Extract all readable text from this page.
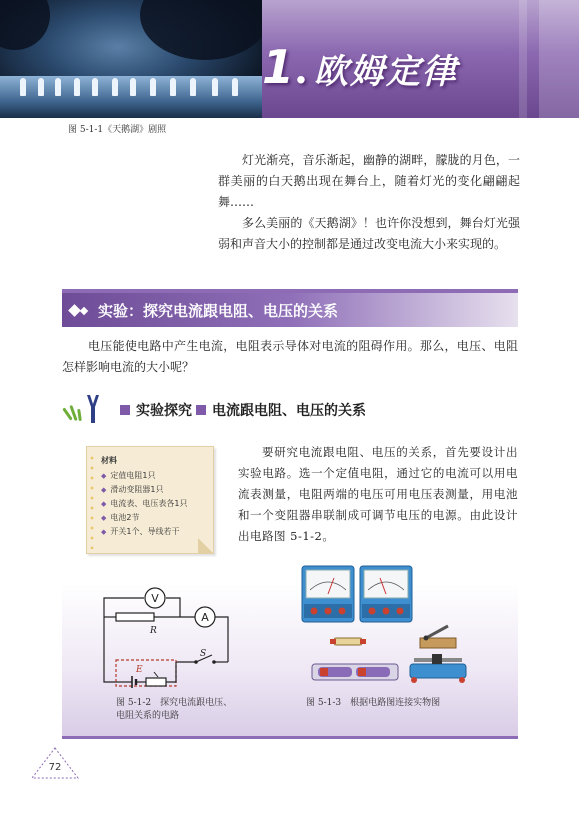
1 . 欧姆定律
图 5-1-1《天鹅湖》剧照

灯光渐亮，音乐渐起，幽静的湖畔，朦胧的月色，一群美丽的白天鹅出现在舞台上，随着灯光的变化翩翩起舞……

多么美丽的《天鹅湖》！也许你没想到，舞台灯光强弱和声音大小的控制都是通过改变电流大小来实现的。

实验：探究电流跟电阻、电压的关系
电压能使电路中产生电流，电阻表示导体对电流的阻碍作用。那么，电压、电阻怎样影响电流的大小呢？
实验探究 电流跟电阻、电压的关系
材料
◆ 定值电阻1只
◆ 滑动变阻器1只
◆ 电流表、电压表各1只
◆ 电池2节
◆ 开关1个、导线若干
要研究电流跟电阻、电压的关系，首先要设计出实验电路。选一个定值电阻，通过它的电流可以用电流表测量，电阻两端的电压可用电压表测量，用电池和一个变阻器串联制成可调节电压的电源。由此设计出电路图 5-1-2。
V
A
R
S
E
图 5-1-2　探究电流跟电压、
电阻关系的电路
图 5-1-3　根据电路图连接实物图
72
